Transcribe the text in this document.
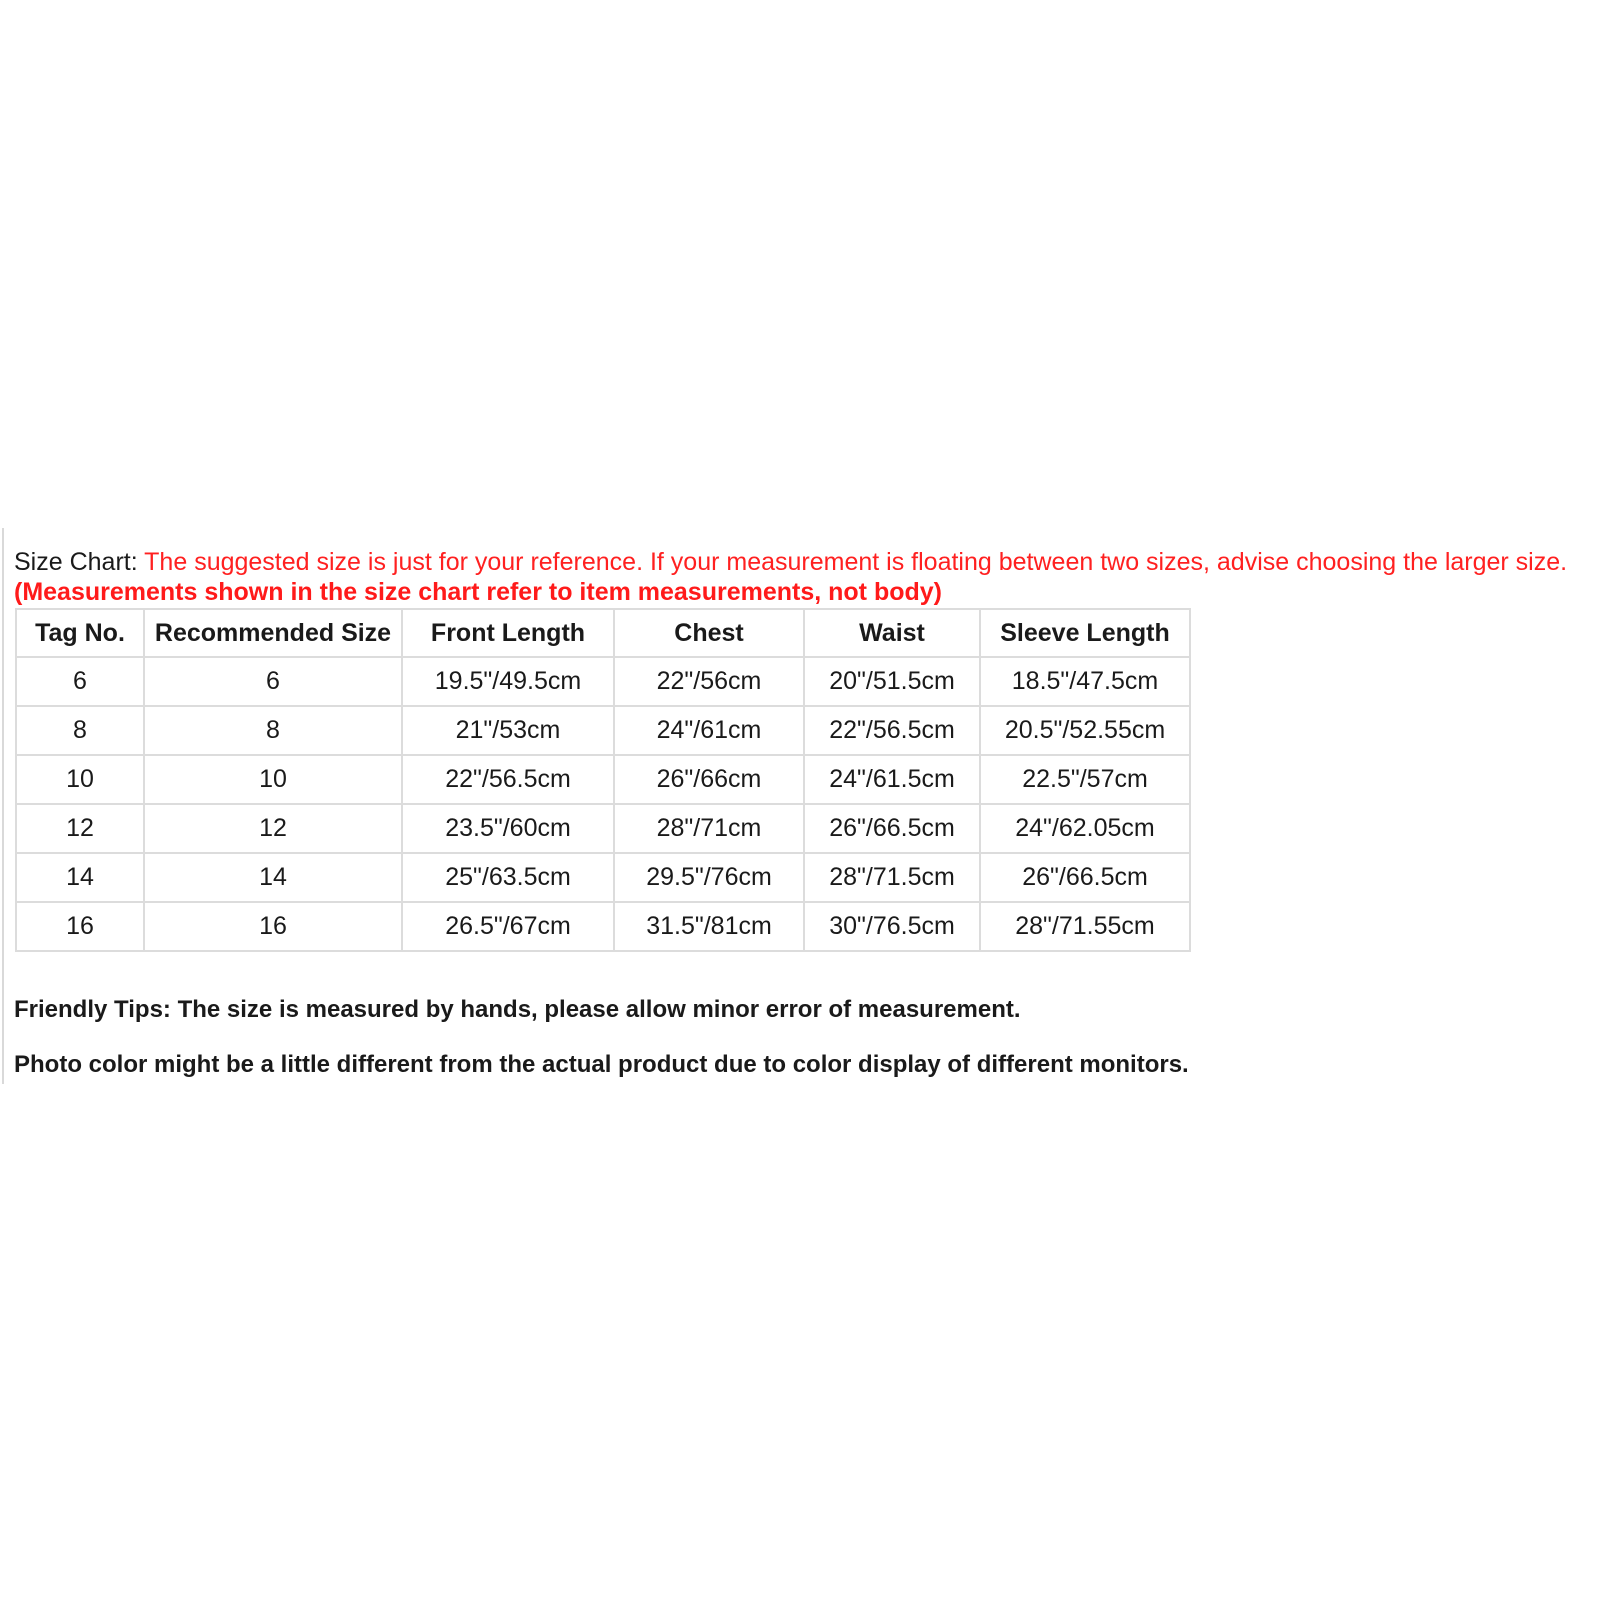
Size Chart: The suggested size is just for your reference. If your measurement is floating between two sizes, advise choosing the larger size. (Measurements shown in the size chart refer to item measurements, not body)
Tag No.	Recommended Size	Front Length	Chest	Waist	Sleeve Length
6	6	19.5"/49.5cm	22"/56cm	20"/51.5cm	18.5"/47.5cm
8	8	21"/53cm	24"/61cm	22"/56.5cm	20.5"/52.55cm
10	10	22"/56.5cm	26"/66cm	24"/61.5cm	22.5"/57cm
12	12	23.5"/60cm	28"/71cm	26"/66.5cm	24"/62.05cm
14	14	25"/63.5cm	29.5"/76cm	28"/71.5cm	26"/66.5cm
16	16	26.5"/67cm	31.5"/81cm	30"/76.5cm	28"/71.55cm
Friendly Tips: The size is measured by hands, please allow minor error of measurement.
Photo color might be a little different from the actual product due to color display of different monitors.
